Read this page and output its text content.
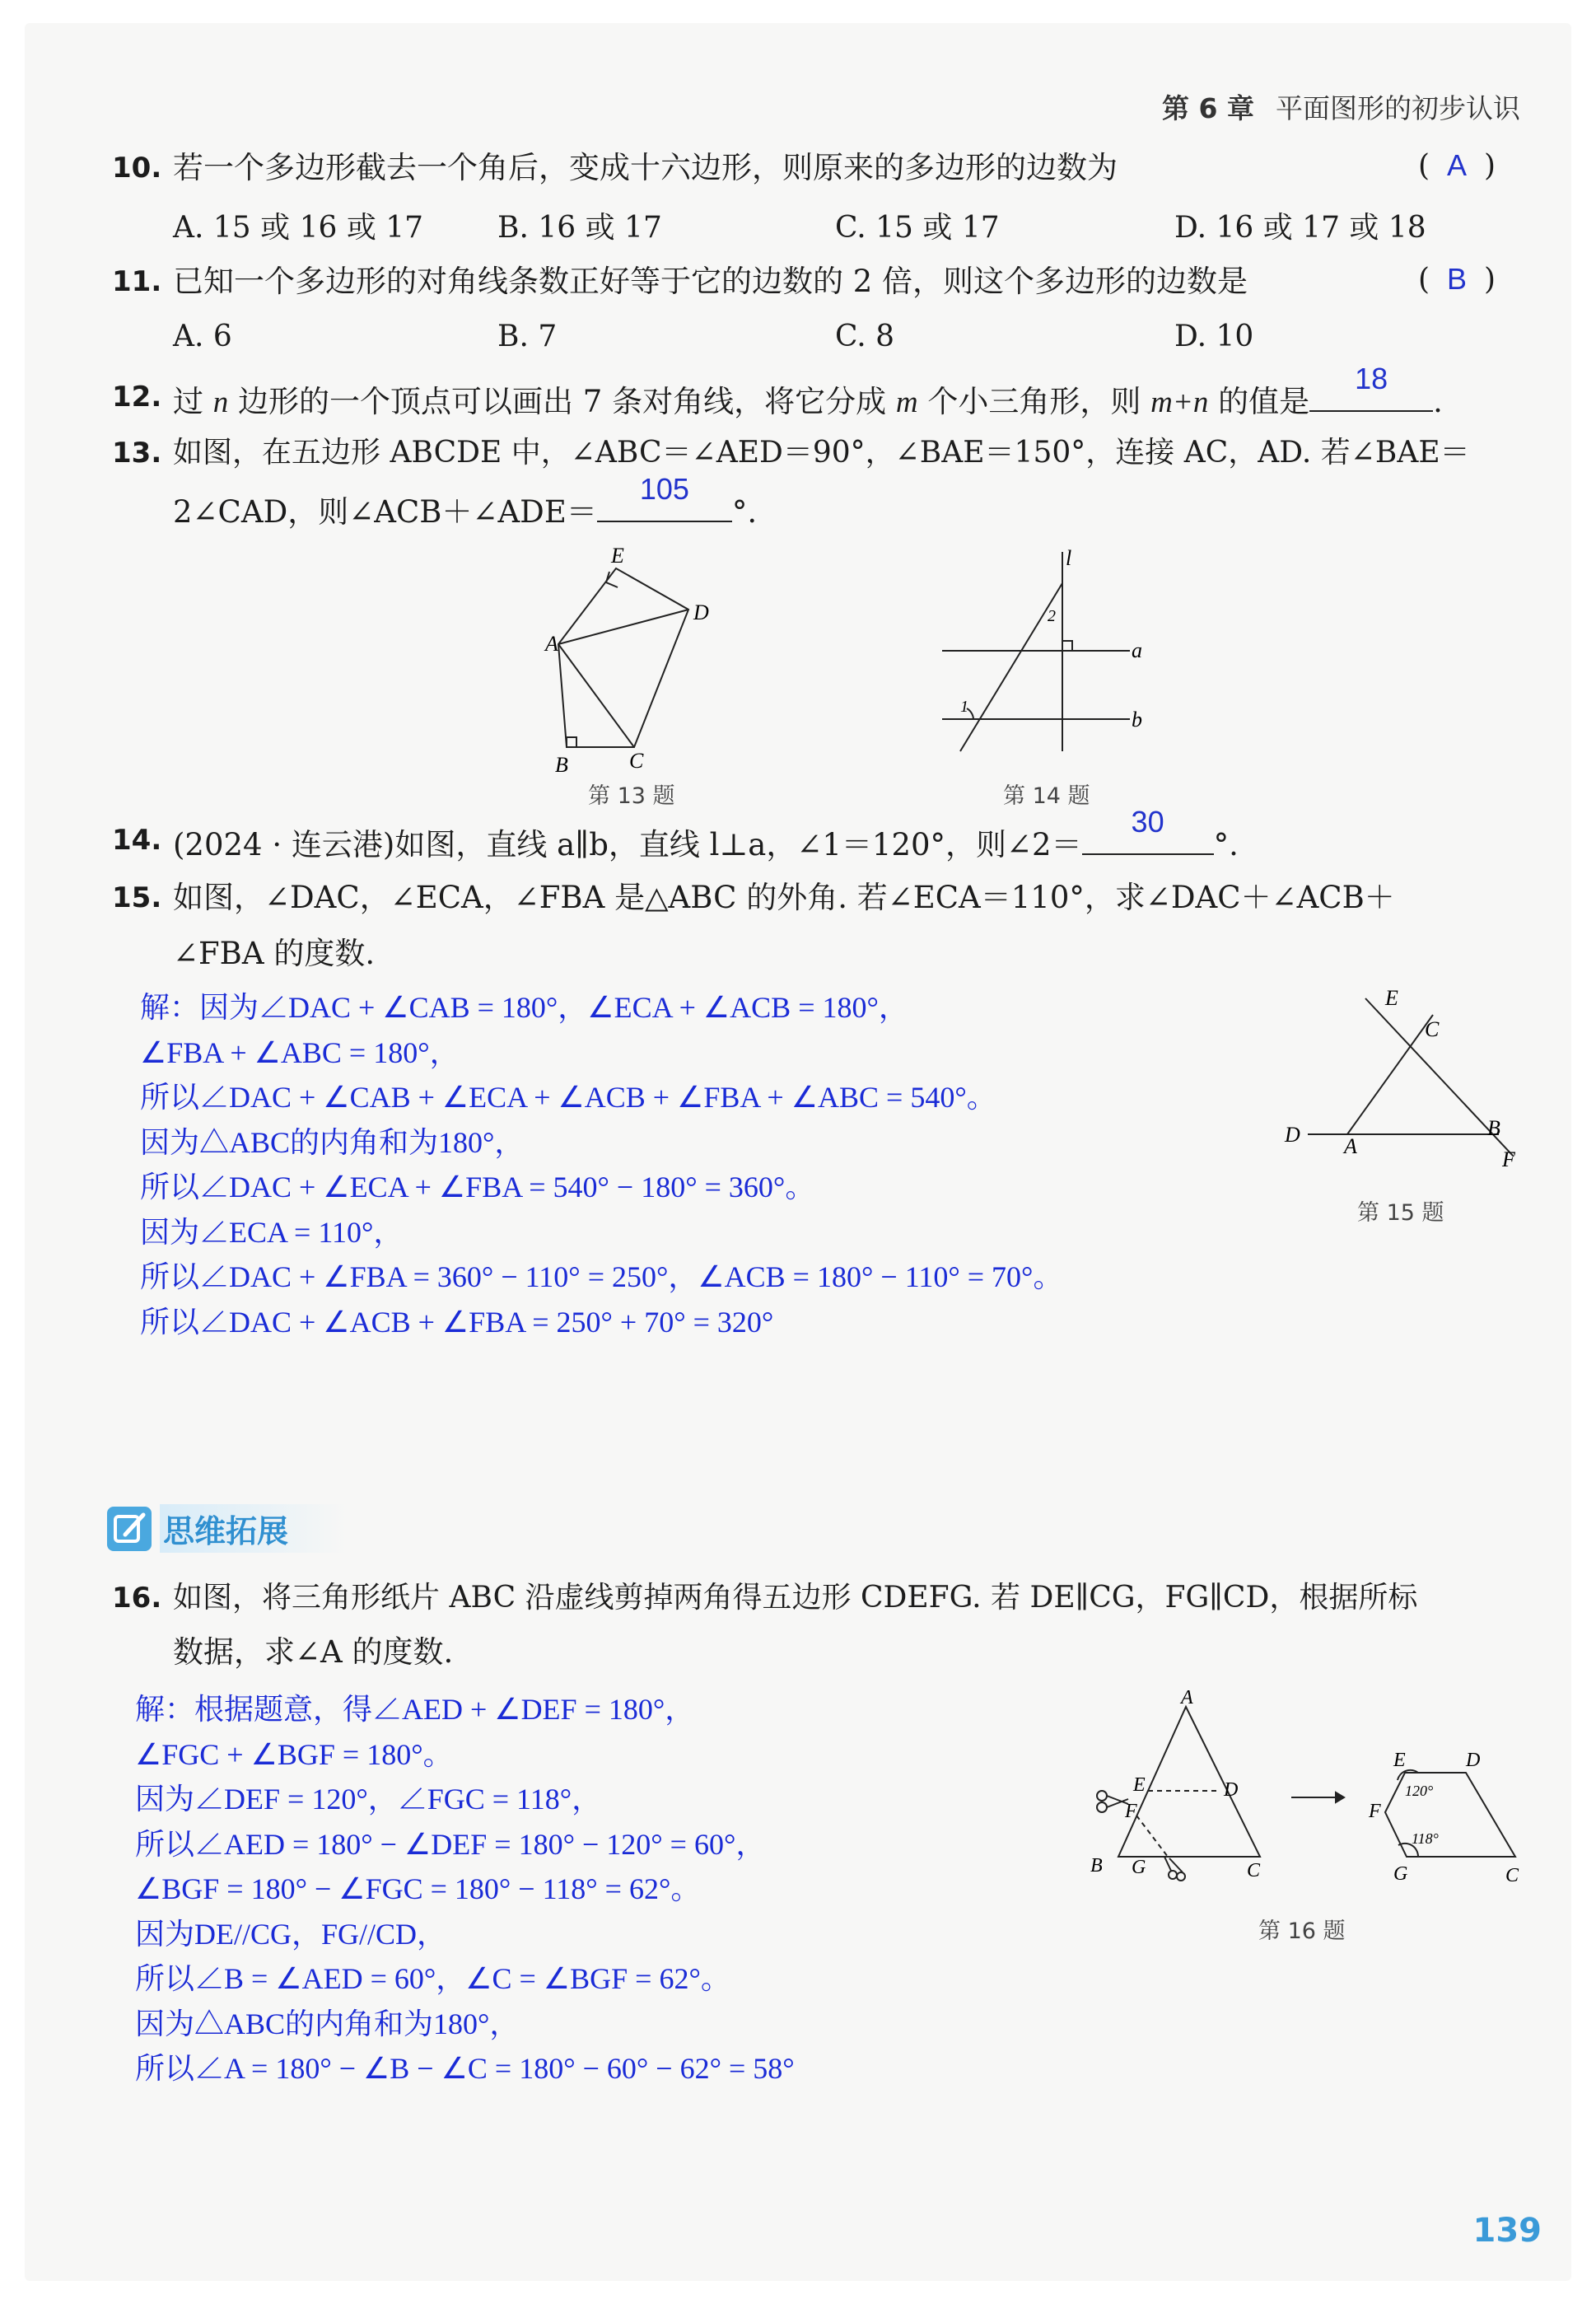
第 6 章 平面图形的初步认识
10. 若一个多边形截去一个角后，变成十六边形，则原来的多边形的边数为	( A )
A. 15 或 16 或 17 B. 16 或 17	C. 15 或 17	D. 16 或 17 或 18
11. 已知一个多边形的对角线条数正好等于它的边数的 2 倍，则这个多边形的边数是	( B )
A. 6	B. 7	C. 8	D. 10
12. 过 n 边形的一个顶点可以画出 7 条对角线，将它分成 m 个小三角形，则 m+n 的值是
18
.
13. 如图，在五边形 ABCDE 中，∠ABC＝∠AED＝90°，∠BAE＝150°，连接 AC，AD. 若∠BAE＝
2∠CAD，则∠ACB＋∠ADE＝
105
°.
E
D
A
B	C
第 13 题
l
2
a
1
b
第 14 题
14. (2024 · 连云港)如图，直线 a∥b，直线 l⊥a，∠1＝120°，则∠2＝
30
°.
15. 如图，∠DAC，∠ECA，∠FBA 是△ABC 的外角. 若∠ECA＝110°，求∠DAC＋∠ACB＋
∠FBA 的度数.
解：因为∠DAC + ∠CAB = 180°，∠ECA + ∠ACB = 180°，
∠FBA + ∠ABC = 180°，
所以∠DAC + ∠CAB + ∠ECA + ∠ACB + ∠FBA + ∠ABC = 540°。
因为△ABC的内角和为180°，
所以∠DAC + ∠ECA + ∠FBA = 540° − 180° = 360°。
因为∠ECA = 110°，
所以∠DAC + ∠FBA = 360° − 110° = 250°，∠ACB = 180° − 110° = 70°。
所以∠DAC + ∠ACB + ∠FBA = 250° + 70° = 320°
E
C
D A
B
F
第 15 题
思维拓展
16. 如图，将三角形纸片 ABC 沿虚线剪掉两角得五边形 CDEFG. 若 DE∥CG，FG∥CD，根据所标
数据，求∠A 的度数.
解：根据题意，得∠AED + ∠DEF = 180°，
∠FGC + ∠BGF = 180°。
因为∠DEF = 120°，∠FGC = 118°，
所以∠AED = 180° − ∠DEF = 180° − 120° = 60°，
∠BGF = 180° − ∠FGC = 180° − 118° = 62°。
因为DE//CG，FG//CD，
所以∠B = ∠AED = 60°，∠C = ∠BGF = 62°。
因为△ABC的内角和为180°，
所以∠A = 180° − ∠B − ∠C = 180° − 60° − 62° = 58°
A
E	D
F
B G	C
E	D
F
G	C
120°
118°
第 16 题
139
